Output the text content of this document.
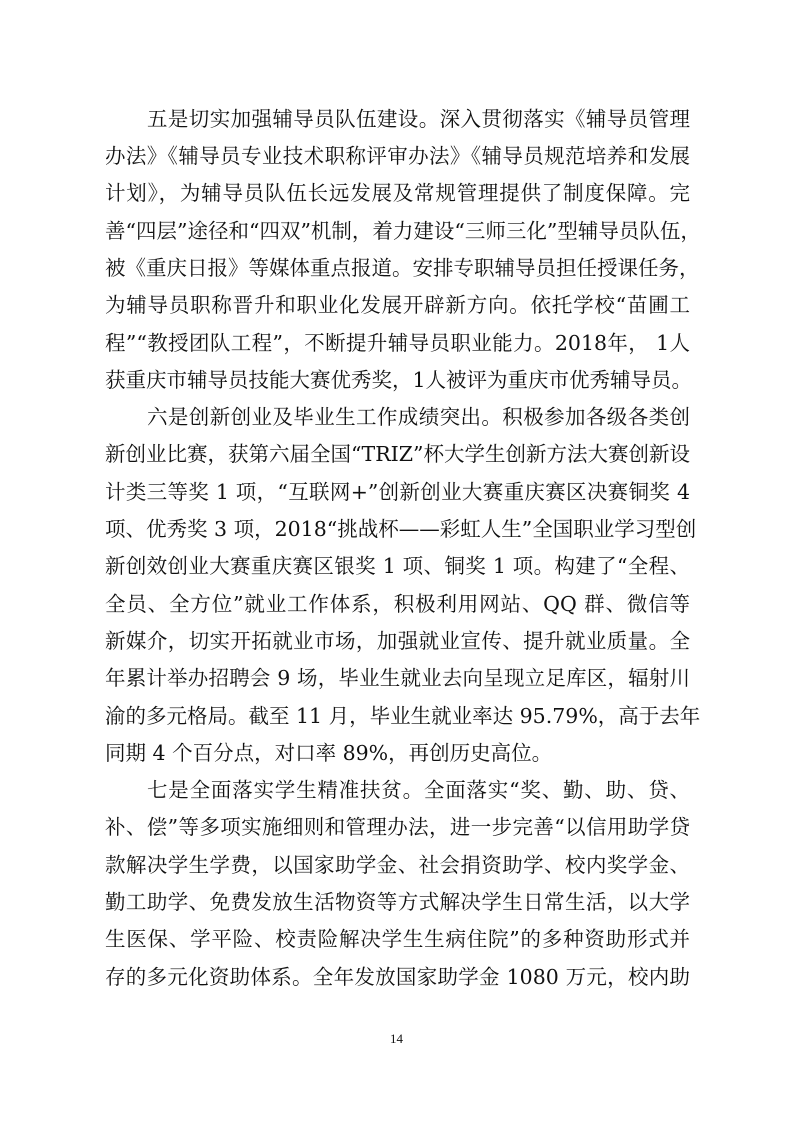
五是切实加强辅导员队伍建设。深入贯彻落实《辅导员管理
办法》《辅导员专业技术职称评审办法》《辅导员规范培养和发展
计划》，为辅导员队伍长远发展及常规管理提供了制度保障。完
善“四层”途径和“四双”机制，着力建设“三师三化”型辅导员队伍，
被《重庆日报》等媒体重点报道。安排专职辅导员担任授课任务，
为辅导员职称晋升和职业化发展开辟新方向。依托学校“苗圃工
程”“教授团队工程”，不断提升辅导员职业能力。2018年， 1人
获重庆市辅导员技能大赛优秀奖，1人被评为重庆市优秀辅导员。
六是创新创业及毕业生工作成绩突出。积极参加各级各类创
新创业比赛，获第六届全国“TRIZ”杯大学生创新方法大赛创新设
计类三等奖 1 项，“互联网+”创新创业大赛重庆赛区决赛铜奖 4
项、优秀奖 3 项，2018“挑战杯——彩虹人生”全国职业学习型创
新创效创业大赛重庆赛区银奖 1 项、铜奖 1 项。构建了“全程、
全员、全方位”就业工作体系，积极利用网站、QQ 群、微信等
新媒介，切实开拓就业市场，加强就业宣传、提升就业质量。全
年累计举办招聘会 9 场，毕业生就业去向呈现立足库区，辐射川
渝的多元格局。截至 11 月，毕业生就业率达 95.79%，高于去年
同期 4 个百分点，对口率 89%，再创历史高位。
七是全面落实学生精准扶贫。全面落实“奖、勤、助、贷、
补、偿”等多项实施细则和管理办法，进一步完善“以信用助学贷
款解决学生学费，以国家助学金、社会捐资助学、校内奖学金、
勤工助学、免费发放生活物资等方式解决学生日常生活，以大学
生医保、学平险、校责险解决学生生病住院”的多种资助形式并
存的多元化资助体系。全年发放国家助学金 1080 万元，校内助
14
